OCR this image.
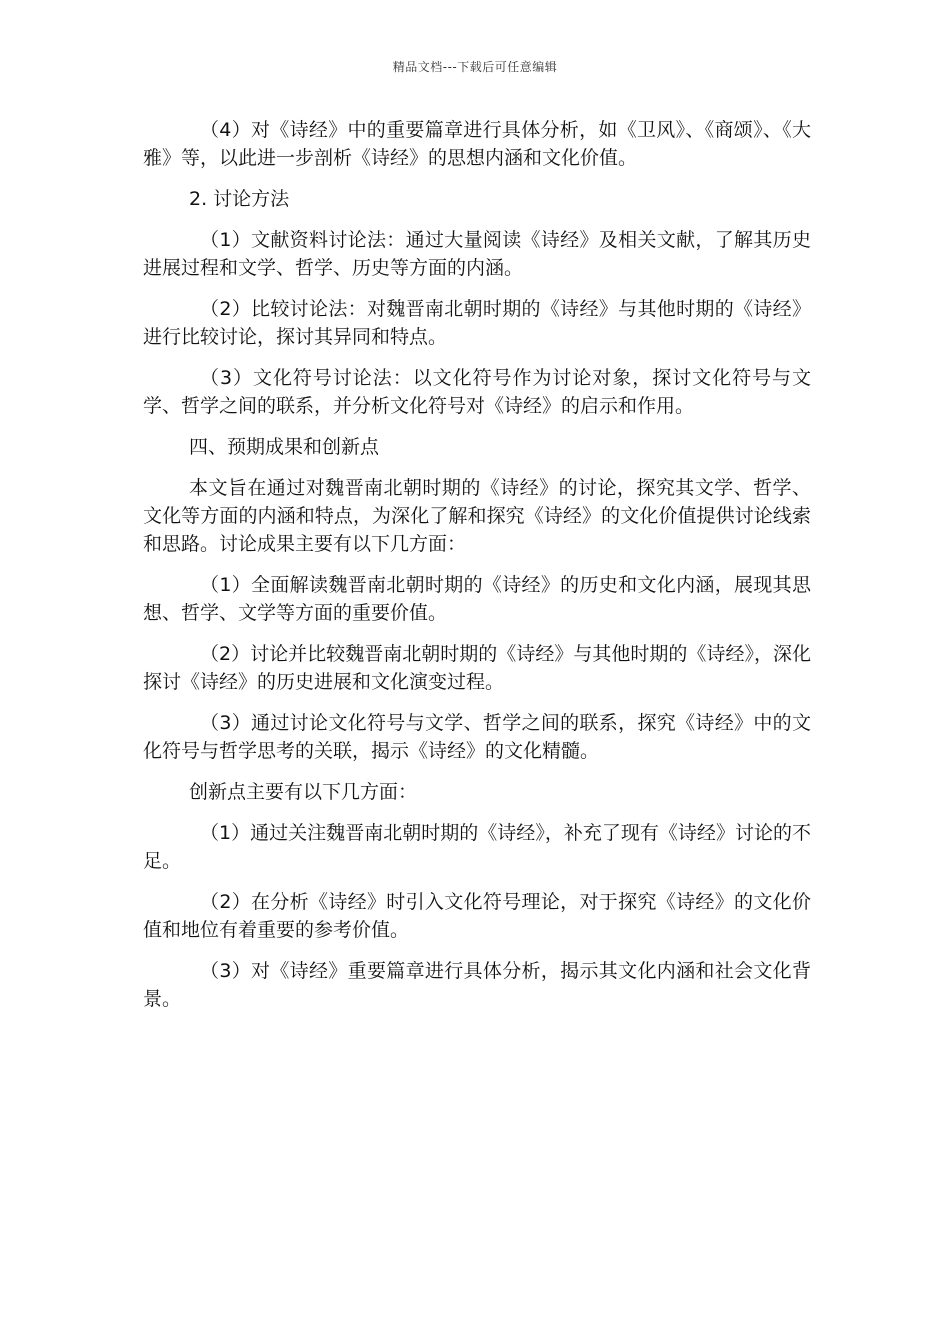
精品文档---下载后可任意编辑

（4）对《诗经》中的重要篇章进行具体分析，如《卫风》、《商颂》、《大雅》等，以此进一步剖析《诗经》的思想内涵和文化价值。

2. 讨论方法

（1）文献资料讨论法：通过大量阅读《诗经》及相关文献，了解其历史进展过程和文学、哲学、历史等方面的内涵。

（2）比较讨论法：对魏晋南北朝时期的《诗经》与其他时期的《诗经》进行比较讨论，探讨其异同和特点。

（3）文化符号讨论法：以文化符号作为讨论对象，探讨文化符号与文学、哲学之间的联系，并分析文化符号对《诗经》的启示和作用。

四、预期成果和创新点

本文旨在通过对魏晋南北朝时期的《诗经》的讨论，探究其文学、哲学、文化等方面的内涵和特点，为深化了解和探究《诗经》的文化价值提供讨论线索和思路。讨论成果主要有以下几方面：

（1）全面解读魏晋南北朝时期的《诗经》的历史和文化内涵，展现其思想、哲学、文学等方面的重要价值。

（2）讨论并比较魏晋南北朝时期的《诗经》与其他时期的《诗经》，深化探讨《诗经》的历史进展和文化演变过程。

（3）通过讨论文化符号与文学、哲学之间的联系，探究《诗经》中的文化符号与哲学思考的关联，揭示《诗经》的文化精髓。

创新点主要有以下几方面：

（1）通过关注魏晋南北朝时期的《诗经》，补充了现有《诗经》讨论的不足。

（2）在分析《诗经》时引入文化符号理论，对于探究《诗经》的文化价值和地位有着重要的参考价值。

（3）对《诗经》重要篇章进行具体分析，揭示其文化内涵和社会文化背景。
